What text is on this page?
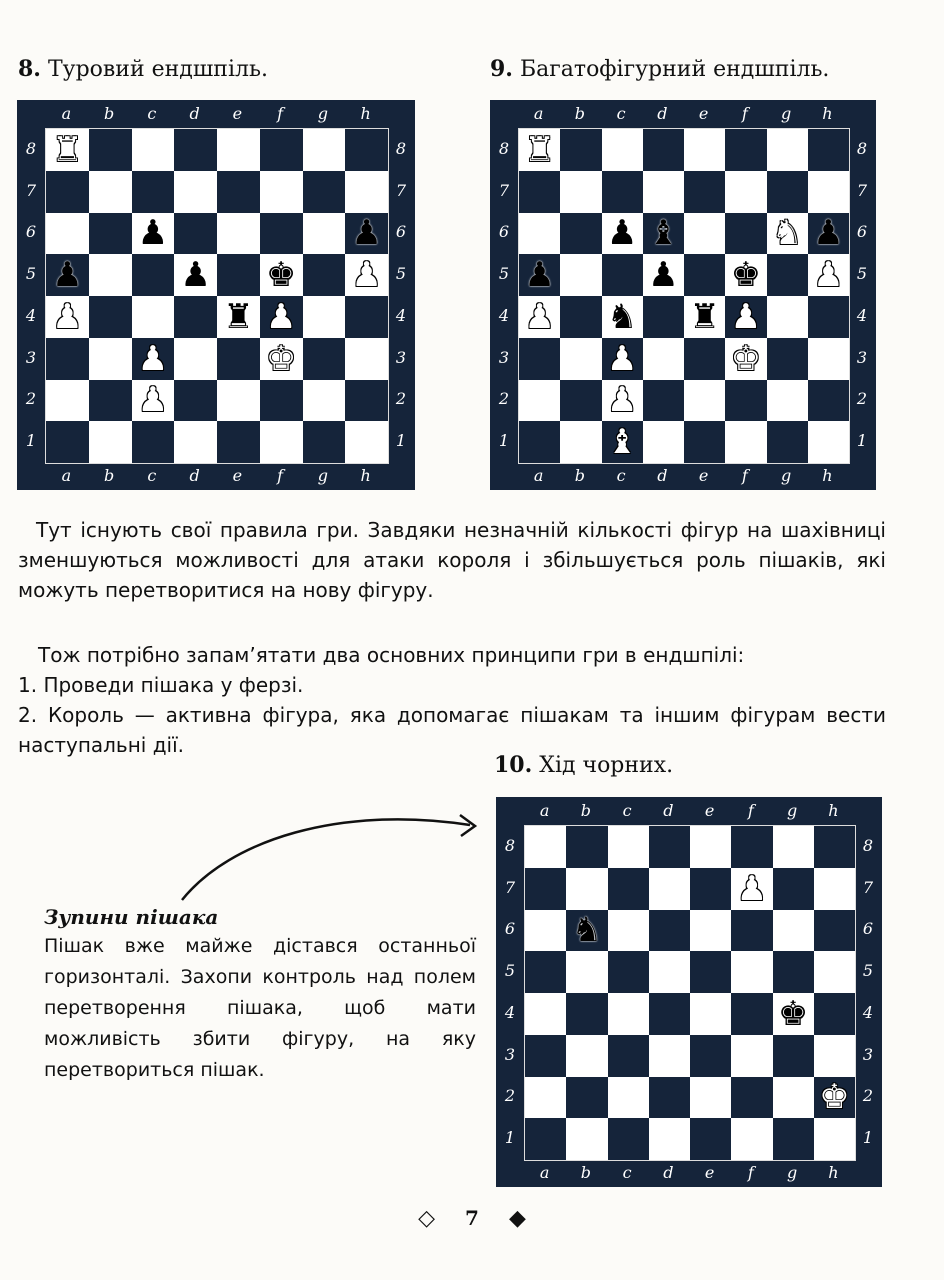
8. Туровий ендшпіль.	9. Багатофігурний ендшпіль.
♜
♟	♟
♟	♟ ♚ ♟
♟	♜ ♟
♟	♚
♟
a
a
b
b
c
c
d
d
e
e
f
f
g
g
h
h
8	8
7	7
6	6
5	5
4	4
3	3
2	2
1	1
♜
♟ ♝	♞ ♟
♟	♟ ♚ ♟
♟ ♞ ♜ ♟
♟	♚
♟
♝
a
a
b
b
c
c
d
d
e
e
f
f
g
g
h
h
8	8
7	7
6	6
5	5
4	4
3	3
2	2
1	1

Тут існують свої правила гри. Завдяки незначній кількості фігур на шахівниці зменшуються можливості для атаки короля і збільшується роль пішаків, які можуть перетворитися на нову фігуру.

Тож потрібно запам’ятати два основних принципи гри в ендшпілі:

1. Проведи пішака у ферзі.

2. Король — активна фігура, яка допомагає пішакам та іншим фігурам вести наступальні дії.

10. Хід чорних.
Зупини пішака
Пішак вже майже дістався останньої горизонталі. Захопи контроль над полем перетворення пішака, щоб мати можливість збити фігуру, на яку перетвориться пішак.
♟
♞
♚
♚
a
a
b
b
c
c
d
d
e
e
f
f
g
g
h
h
8	8
7	7
6	6
5	5
4	4
3	3
2	2
1	1
◇ 7 ◆
